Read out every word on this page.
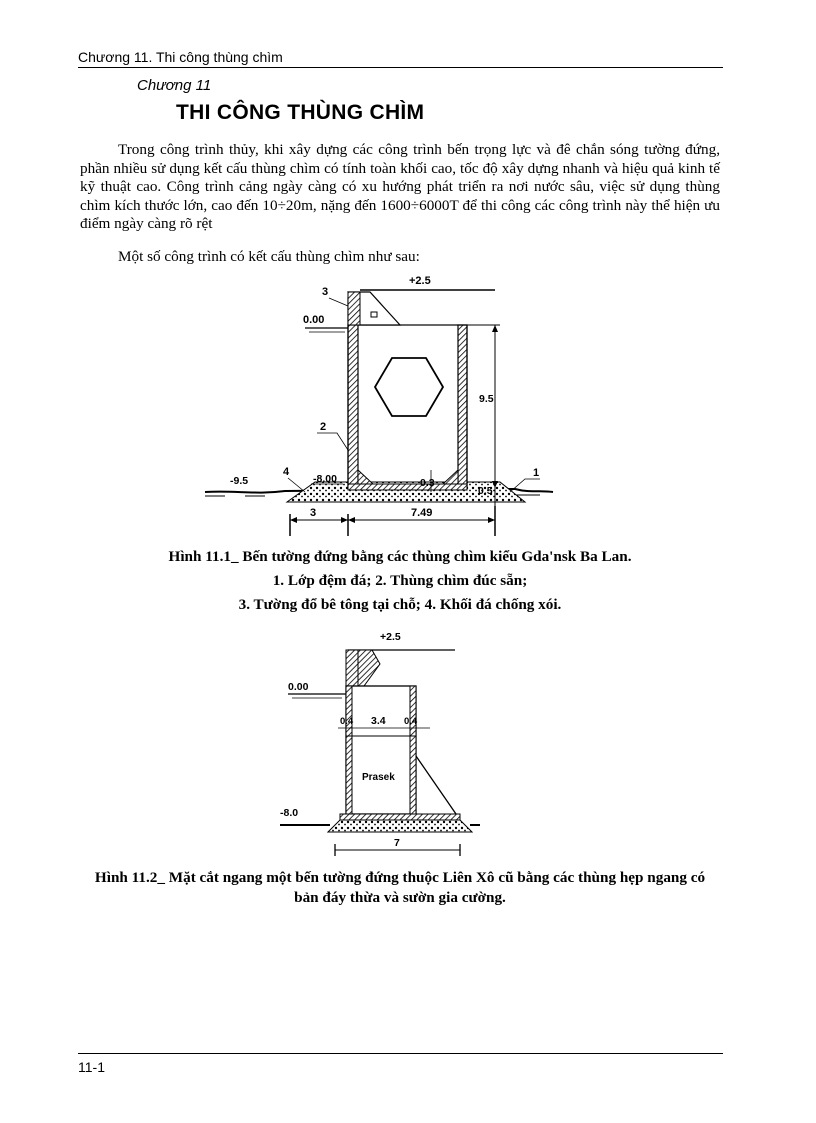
Chương 11. Thi công thùng chìm
Chương 11
THI CÔNG THÙNG CHÌM

Trong công trình thủy, khi xây dựng các công trình bến trọng lực và đê chắn sóng tường đứng, phần nhiều sử dụng kết cấu thùng chìm có tính toàn khối cao, tốc độ xây dựng nhanh và hiệu quả kinh tế kỹ thuật cao. Công trình cảng ngày càng có xu hướng phát triển ra nơi nước sâu, việc sử dụng thùng chìm kích thước lớn, cao đến 10÷20m, nặng đến 1600÷6000T để thi công các công trình này thể hiện ưu điểm ngày càng rõ rệt

Một số công trình có kết cấu thùng chìm như sau:
+2.5
0.00
9.5
-9.5	-8.00	0.3
0.5
3
2
4	1
3	7.49
Hình 11.1_ Bến tường đứng bằng các thùng chìm kiểu Gda'nsk Ba Lan.
1. Lớp đệm đá; 2. Thùng chìm đúc sẵn;
3. Tường đổ bê tông tại chỗ; 4. Khối đá chống xói.
+2.5
0.00
0.4 3.4 0.4
Prasek
-8.0
7
Hình 11.2_ Mặt cắt ngang một bến tường đứng thuộc Liên Xô cũ bằng các thùng hẹp ngang có bản đáy thừa và sườn gia cường.
11-1
